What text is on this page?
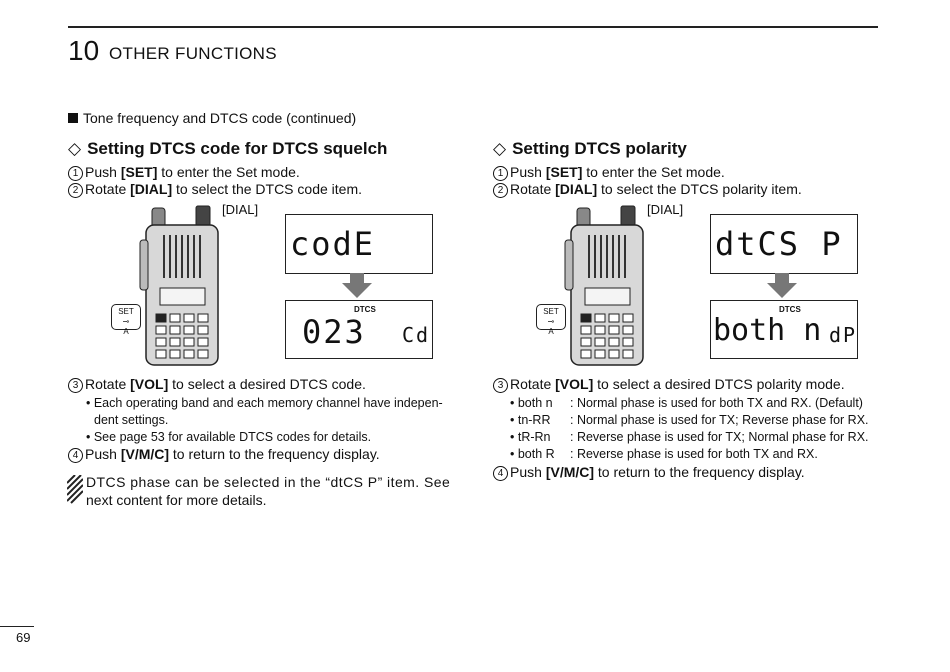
10 OTHER FUNCTIONS
Tone frequency and DTCS code (continued)
◇ Setting DTCS code for DTCS squelch
1 Push [SET] to enter the Set mode.
2 Rotate [DIAL] to select the DTCS code item.
[DIAL]
SET
⊸
A
codE
DTCS
023 Cd
3 Rotate [VOL] to select a desired DTCS code.
• Each operating band and each memory channel have indepen-
dent settings.
• See page 53 for available DTCS codes for details.
4 Push [V/M/C] to return to the frequency display.
DTCS phase can be selected in the “dtCS P” item. See
next content for more details.
◇ Setting DTCS polarity
1 Push [SET] to enter the Set mode.
2 Rotate [DIAL] to select the DTCS polarity item.
[DIAL]
SET
⊸
A
dtCS P
DTCS
both n dP
3 Rotate [VOL] to select a desired DTCS polarity mode.
• both n : Normal phase is used for both TX and RX. (Default)
• tn-RR : Normal phase is used for TX; Reverse phase for RX.
• tR-Rn : Reverse phase is used for TX; Normal phase for RX.
• both R : Reverse phase is used for both TX and RX.
4 Push [V/M/C] to return to the frequency display.
69
